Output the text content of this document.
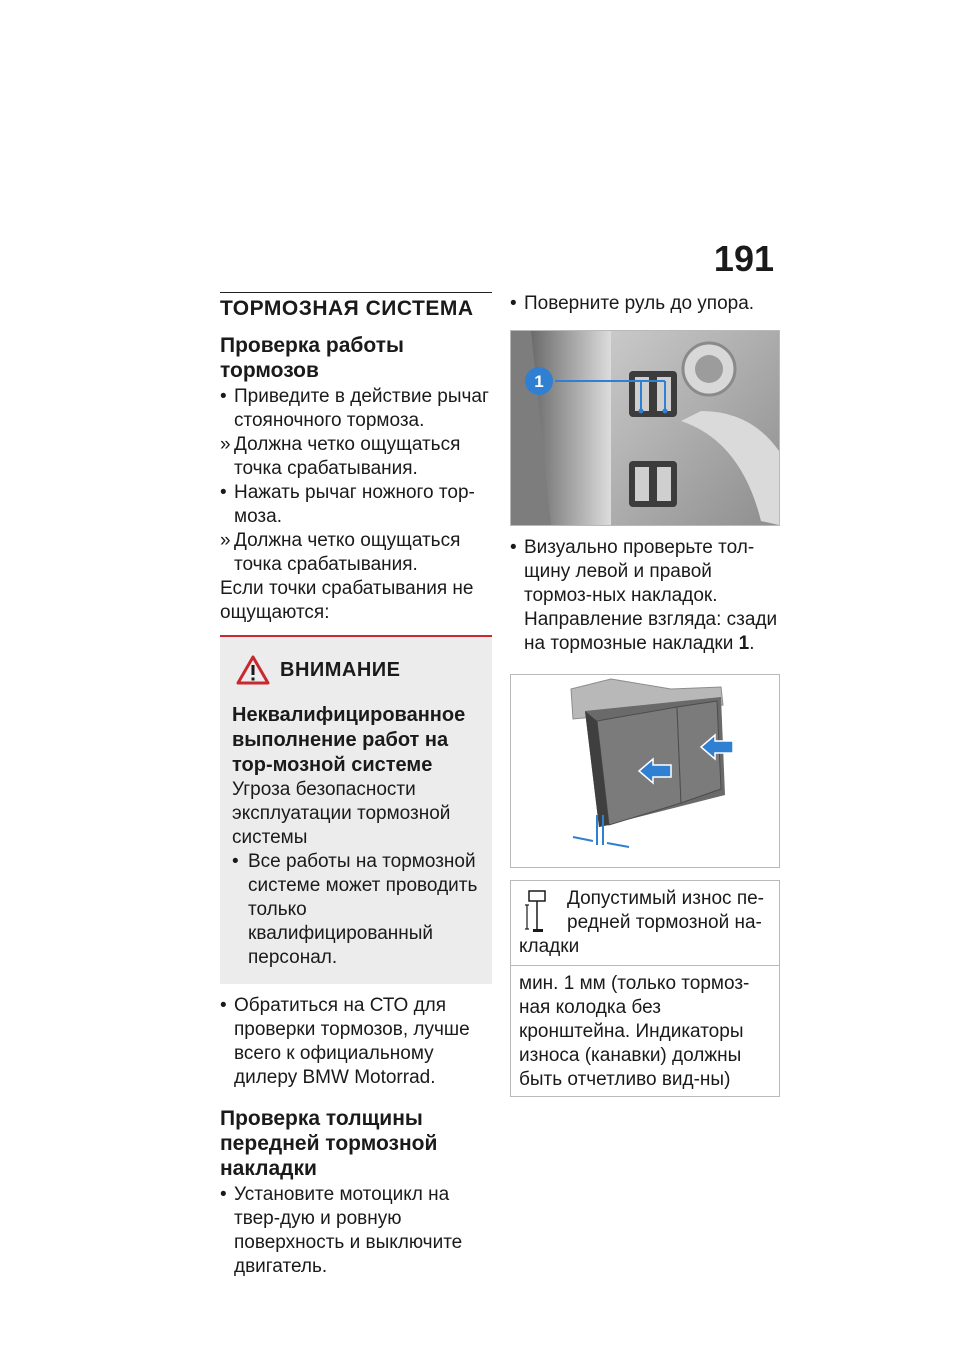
191
ТОРМОЗНАЯ СИСТЕМА
Проверка работы тормозов
• Приведите в действие рычаг стояночного тормоза.
» Должна четко ощущаться точка срабатывания.
• Нажать рычаг ножного тор-моза.
» Должна четко ощущаться точка срабатывания.
Если точки срабатывания не ощущаются:
ВНИМАНИЕ
Неквалифицированное выполнение работ на тор-мозной системе
Угроза безопасности эксплуатации тормозной системы
• Все работы на тормозной системе может проводить только квалифицированный персонал.
• Обратиться на СТО для проверки тормозов, лучше всего к официальному дилеру BMW Motorrad.
Проверка толщины передней тормозной накладки
• Установите мотоцикл на твер-дую и ровную поверхность и выключите двигатель.
• Поверните руль до упора.
1
• Визуально проверьте тол-щину левой и правой тормоз-ных накладок. Направление взгляда: сзади на тормозные накладки 1.
Допустимый износ пе-редней тормозной на-кладки
мин. 1 мм (только тормоз-ная колодка без кронштейна. Индикаторы износа (канавки) должны быть отчетливо вид-ны)
